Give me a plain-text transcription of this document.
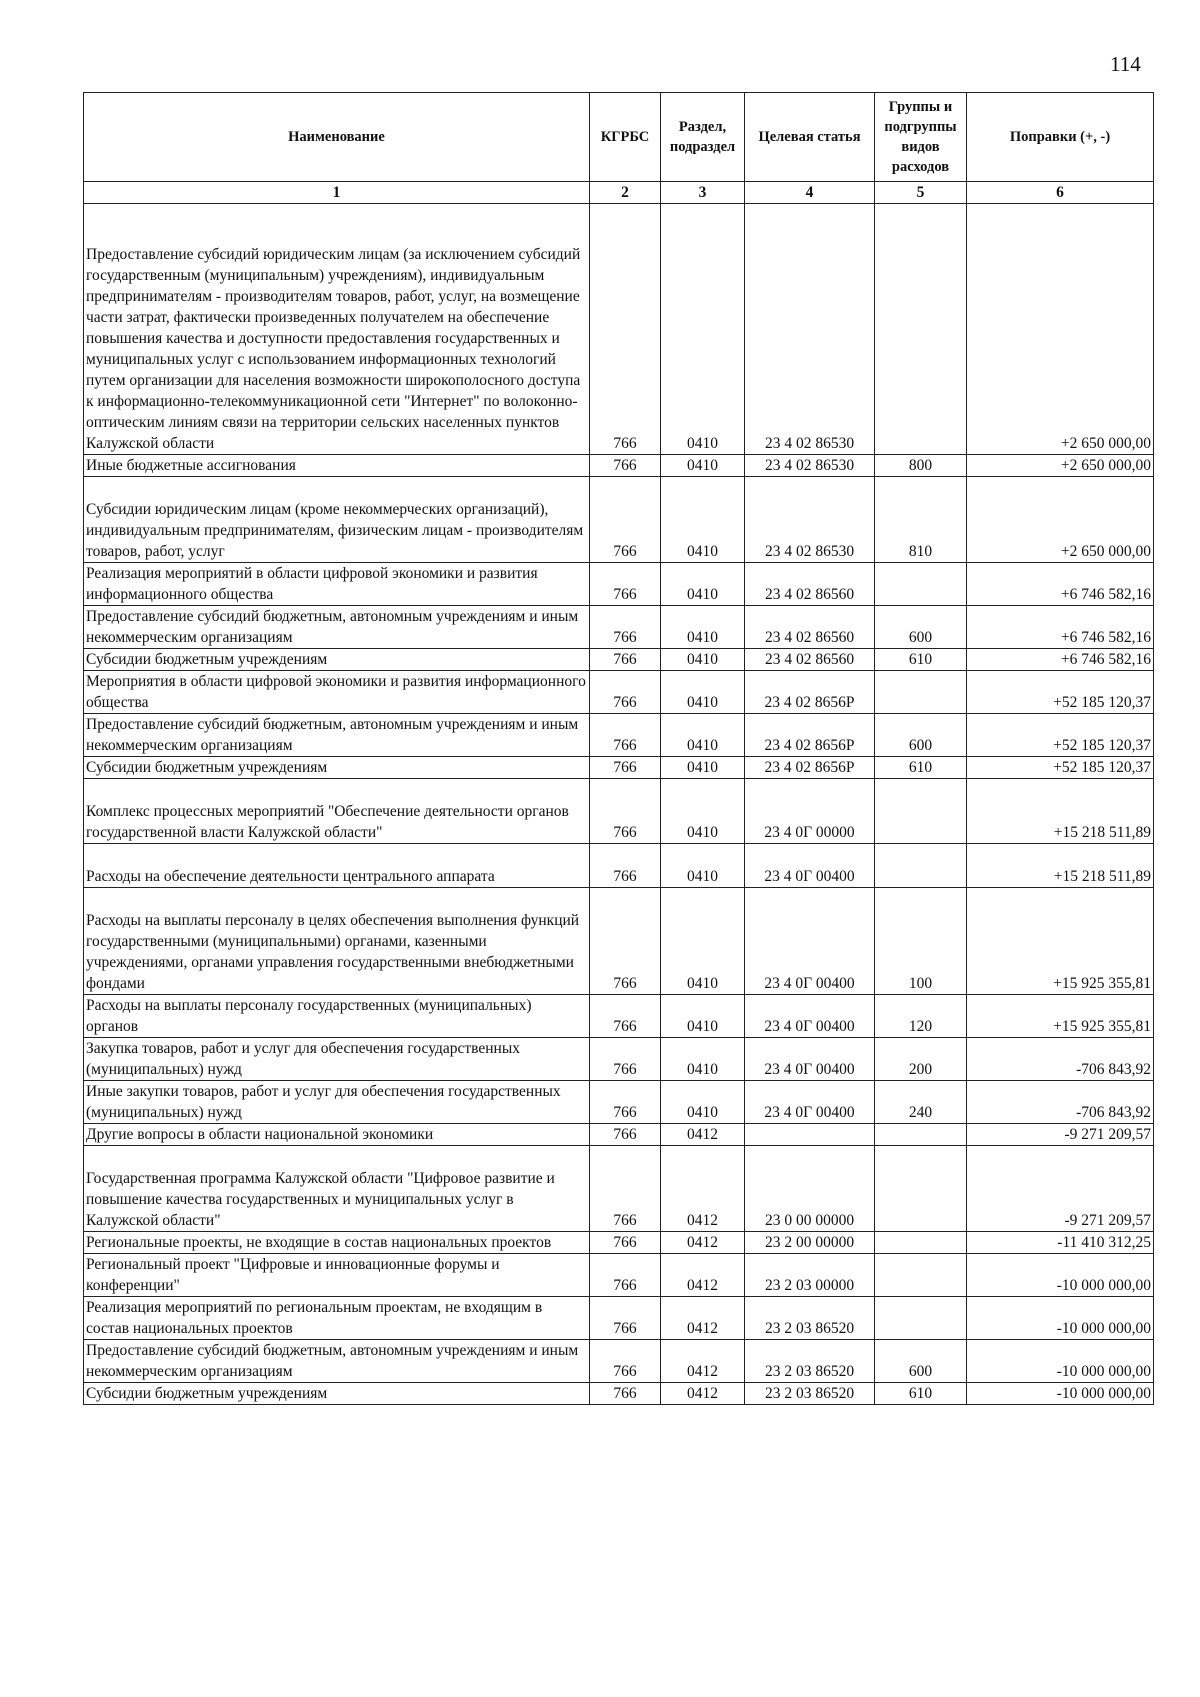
114
Наименование	КГРБС	Раздел, подраздел	Целевая статья	Группы и подгруппы видов расходов	Поправки (+, -)
1	2	3	4	5	6
Предоставление субсидий юридическим лицам (за исключением субсидий государственным (муниципальным) учреждениям), индивидуальным предпринимателям - производителям товаров, работ, услуг, на возмещение части затрат, фактически произведенных получателем на обеспечение повышения качества и доступности предоставления государственных и муниципальных услуг с использованием информационных технологий путем организации для населения возможности широкополосного доступа к информационно-телекоммуникационной сети "Интернет" по волоконно-оптическим линиям связи на территории сельских населенных пунктов Калужской области	766	0410	23 4 02 86530		+2 650 000,00
Иные бюджетные ассигнования	766	0410	23 4 02 86530	800	+2 650 000,00
Субсидии юридическим лицам (кроме некоммерческих организаций), индивидуальным предпринимателям, физическим лицам - производителям товаров, работ, услуг	766	0410	23 4 02 86530	810	+2 650 000,00
Реализация мероприятий в области цифровой экономики и развития информационного общества	766	0410	23 4 02 86560		+6 746 582,16
Предоставление субсидий бюджетным, автономным учреждениям и иным некоммерческим организациям	766	0410	23 4 02 86560	600	+6 746 582,16
Субсидии бюджетным учреждениям	766	0410	23 4 02 86560	610	+6 746 582,16
Мероприятия в области цифровой экономики и развития информационного общества	766	0410	23 4 02 8656Р		+52 185 120,37
Предоставление субсидий бюджетным, автономным учреждениям и иным некоммерческим организациям	766	0410	23 4 02 8656Р	600	+52 185 120,37
Субсидии бюджетным учреждениям	766	0410	23 4 02 8656Р	610	+52 185 120,37
Комплекс процессных мероприятий "Обеспечение деятельности органов государственной власти Калужской области"	766	0410	23 4 0Г 00000		+15 218 511,89
Расходы на обеспечение деятельности центрального аппарата	766	0410	23 4 0Г 00400		+15 218 511,89
Расходы на выплаты персоналу в целях обеспечения выполнения функций государственными (муниципальными) органами, казенными учреждениями, органами управления государственными внебюджетными фондами	766	0410	23 4 0Г 00400	100	+15 925 355,81
Расходы на выплаты персоналу государственных (муниципальных) органов	766	0410	23 4 0Г 00400	120	+15 925 355,81
Закупка товаров, работ и услуг для обеспечения государственных (муниципальных) нужд	766	0410	23 4 0Г 00400	200	-706 843,92
Иные закупки товаров, работ и услуг для обеспечения государственных (муниципальных) нужд	766	0410	23 4 0Г 00400	240	-706 843,92
Другие вопросы в области национальной экономики	766	0412			-9 271 209,57
Государственная программа Калужской области "Цифровое развитие и повышение качества государственных и муниципальных услуг в Калужской области"	766	0412	23 0 00 00000		-9 271 209,57
Региональные проекты, не входящие в состав национальных проектов	766	0412	23 2 00 00000		-11 410 312,25
Региональный проект "Цифровые и инновационные форумы и конференции"	766	0412	23 2 03 00000		-10 000 000,00
Реализация мероприятий по региональным проектам, не входящим в состав национальных проектов	766	0412	23 2 03 86520		-10 000 000,00
Предоставление субсидий бюджетным, автономным учреждениям и иным некоммерческим организациям	766	0412	23 2 03 86520	600	-10 000 000,00
Субсидии бюджетным учреждениям	766	0412	23 2 03 86520	610	-10 000 000,00
